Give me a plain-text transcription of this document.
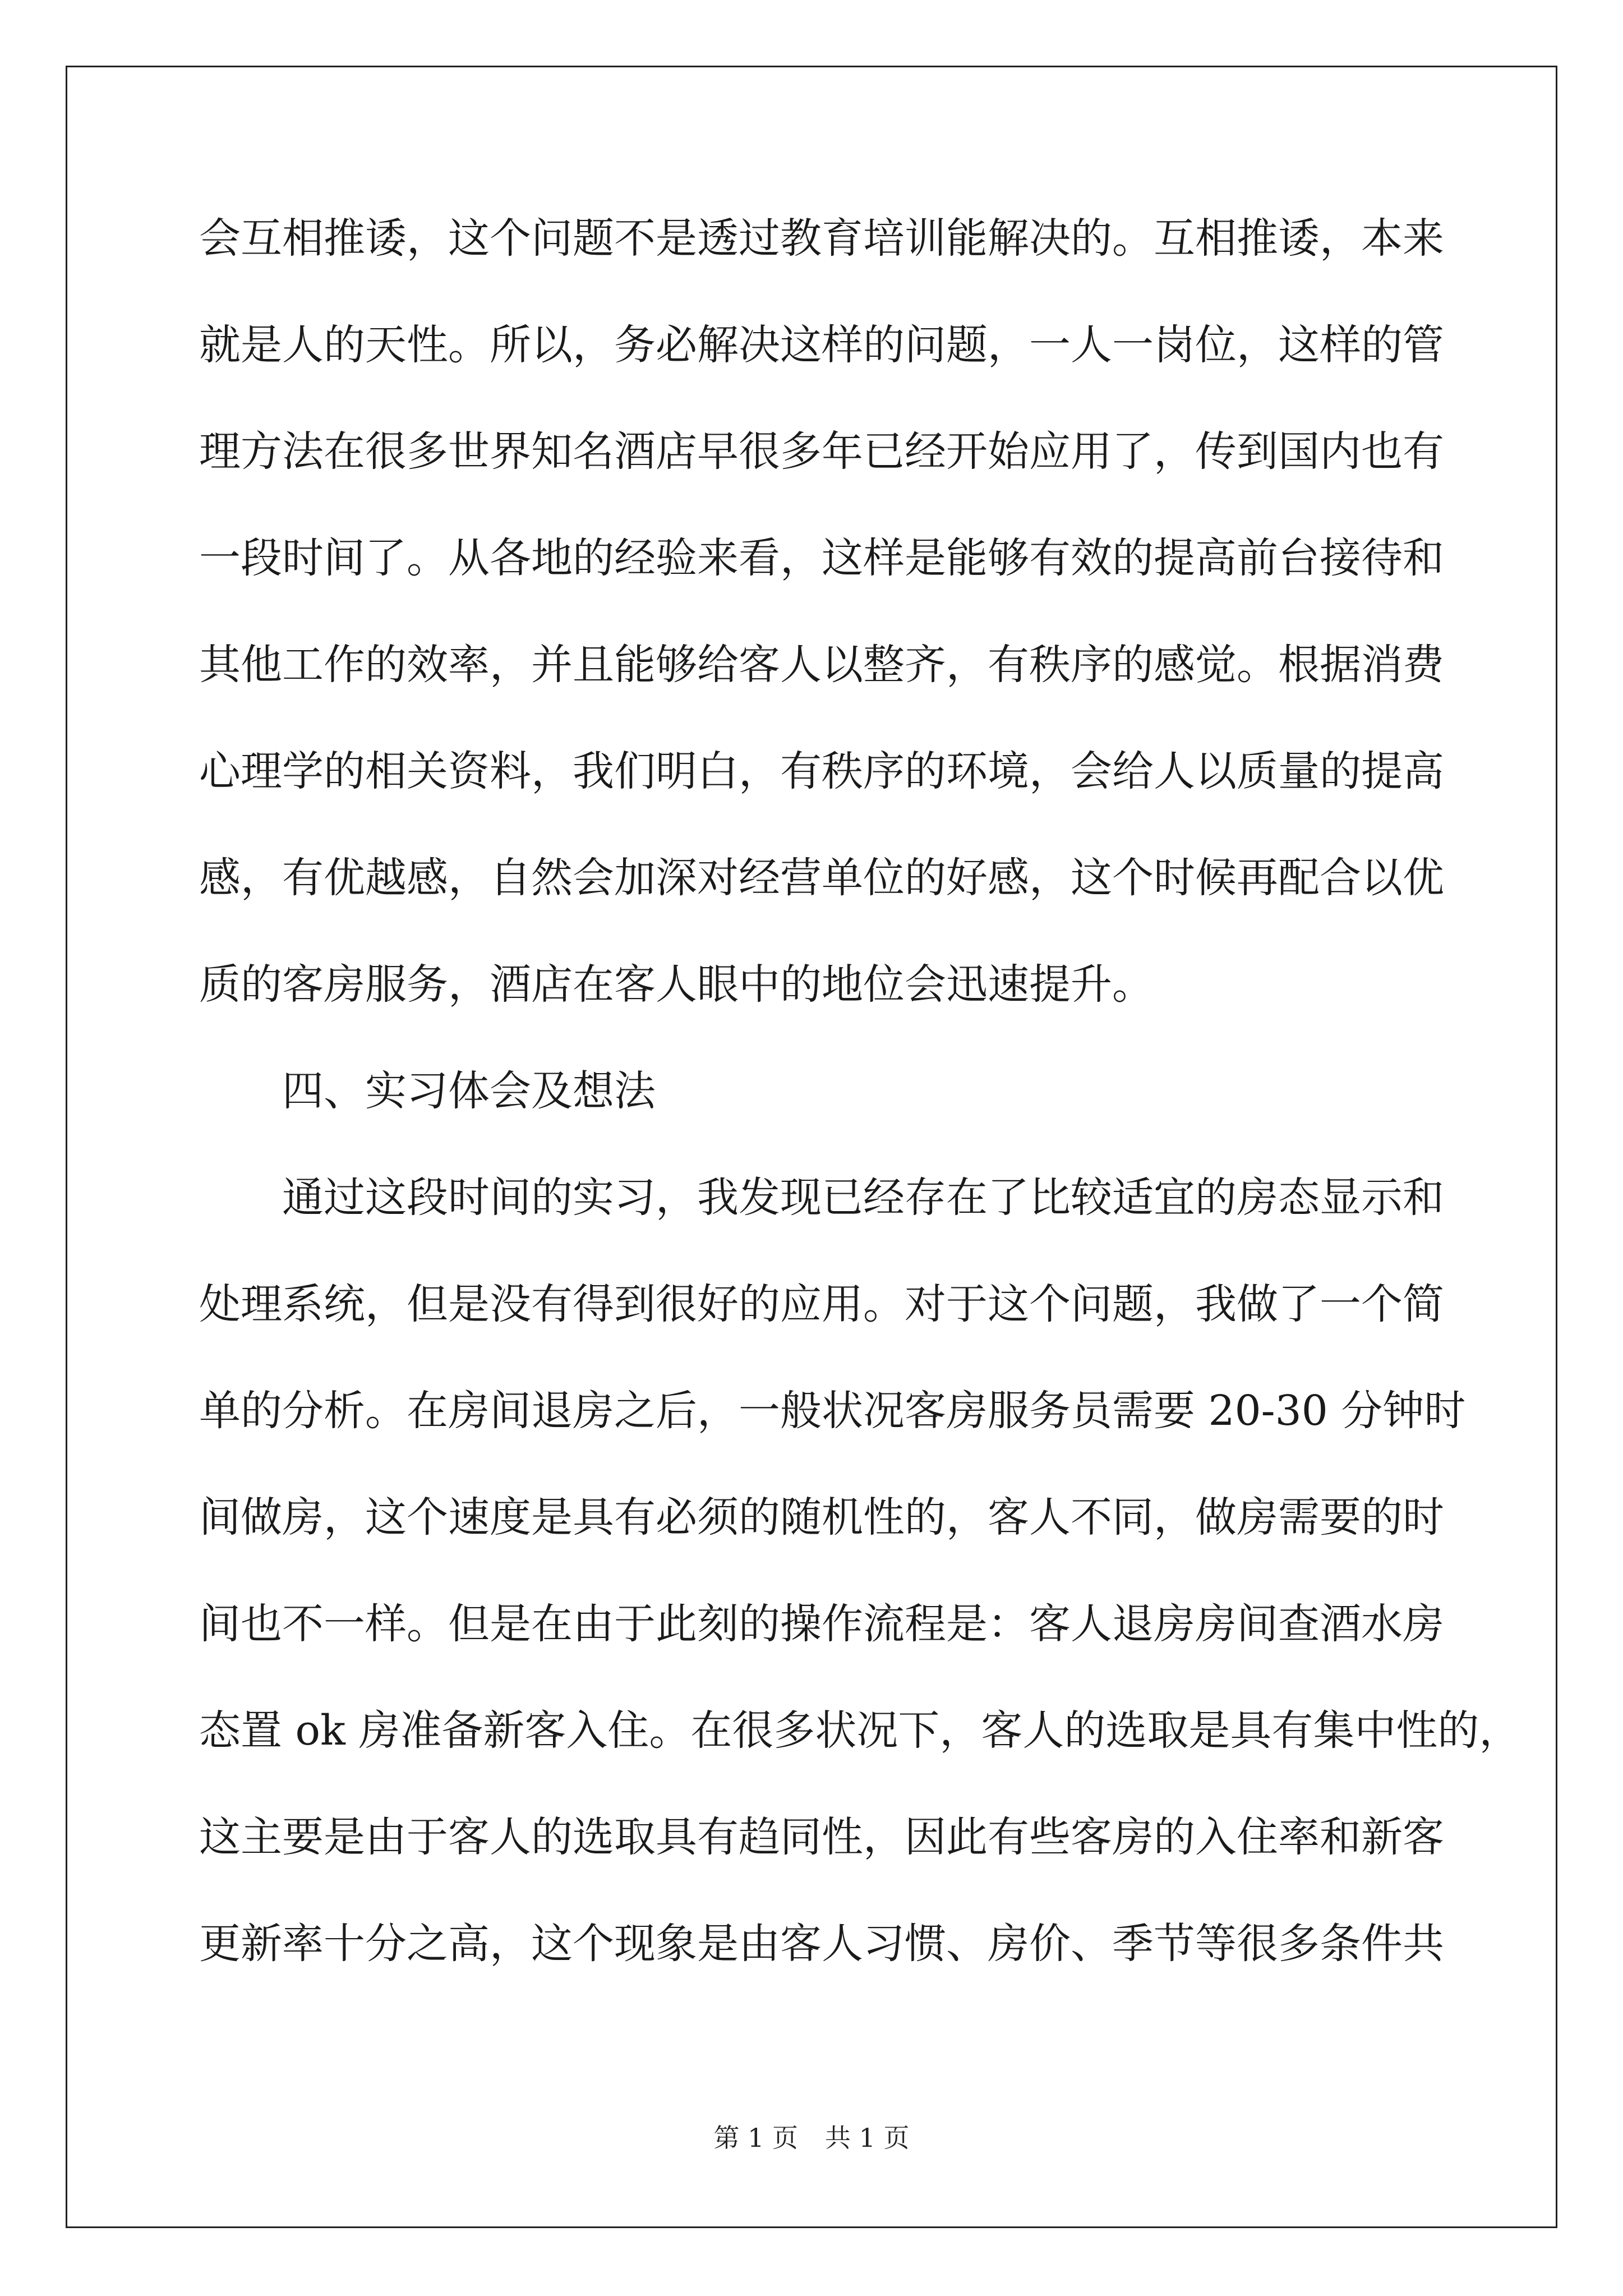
会互相推诿，这个问题不是透过教育培训能解决的。互相推诿，本来
就是人的天性。所以，务必解决这样的问题，一人一岗位，这样的管
理方法在很多世界知名酒店早很多年已经开始应用了，传到国内也有
一段时间了。从各地的经验来看，这样是能够有效的提高前台接待和
其他工作的效率，并且能够给客人以整齐，有秩序的感觉。根据消费
心理学的相关资料，我们明白，有秩序的环境，会给人以质量的提高
感，有优越感，自然会加深对经营单位的好感，这个时候再配合以优
质的客房服务，酒店在客人眼中的地位会迅速提升。
四、实习体会及想法
通过这段时间的实习，我发现已经存在了比较适宜的房态显示和
处理系统，但是没有得到很好的应用。对于这个问题，我做了一个简
单的分析。在房间退房之后，一般状况客房服务员需要 20-30 分钟时
间做房，这个速度是具有必须的随机性的，客人不同，做房需要的时
间也不一样。但是在由于此刻的操作流程是：客人退房房间查酒水房
态置 ok 房准备新客入住。在很多状况下，客人的选取是具有集中性的，
这主要是由于客人的选取具有趋同性，因此有些客房的入住率和新客
更新率十分之高，这个现象是由客人习惯、房价、季节等很多条件共
第 1 页 共 1 页
